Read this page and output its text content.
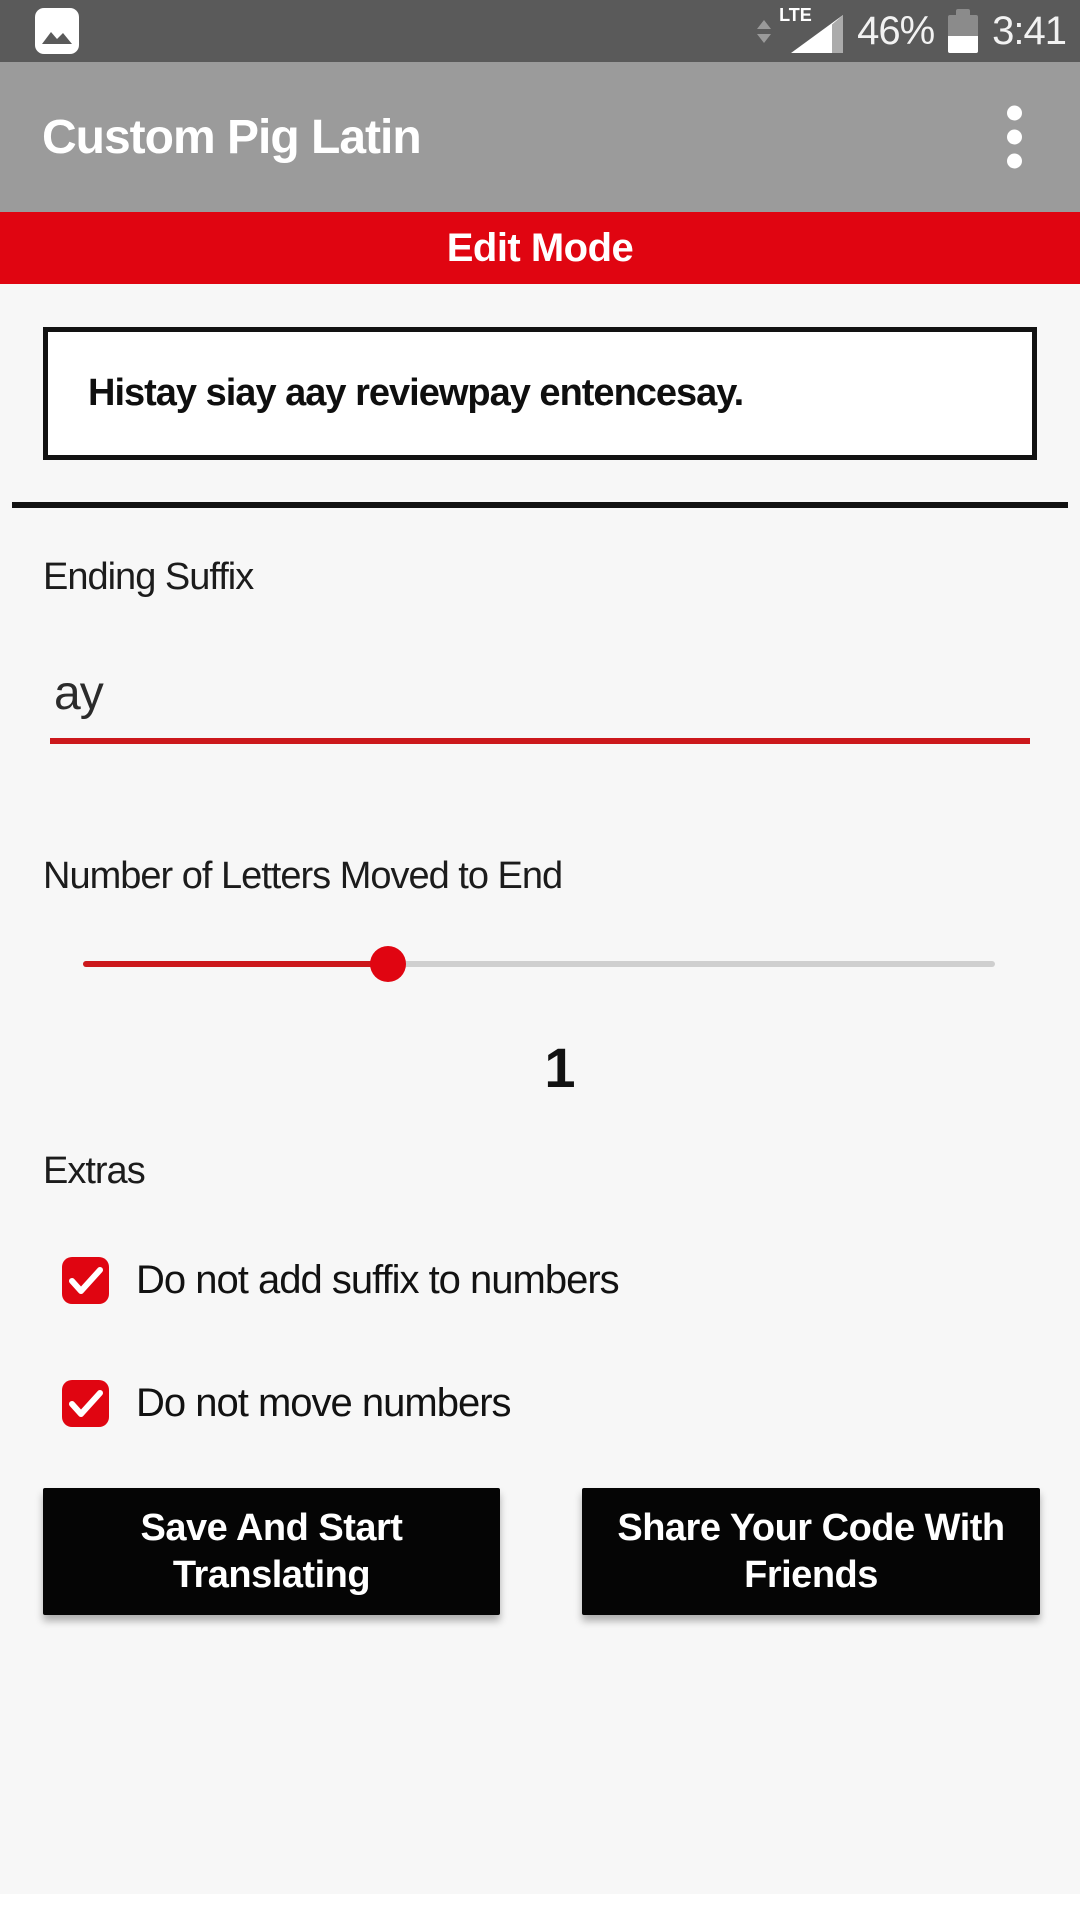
LTE 46% 3:41
Custom Pig Latin
Edit Mode
Histay siay aay reviewpay entencesay.
Ending Suffix
ay
Number of Letters Moved to End
1
Extras
Do not add suffix to numbers
Do not move numbers
Save And Start Translating
Share Your Code With Friends
